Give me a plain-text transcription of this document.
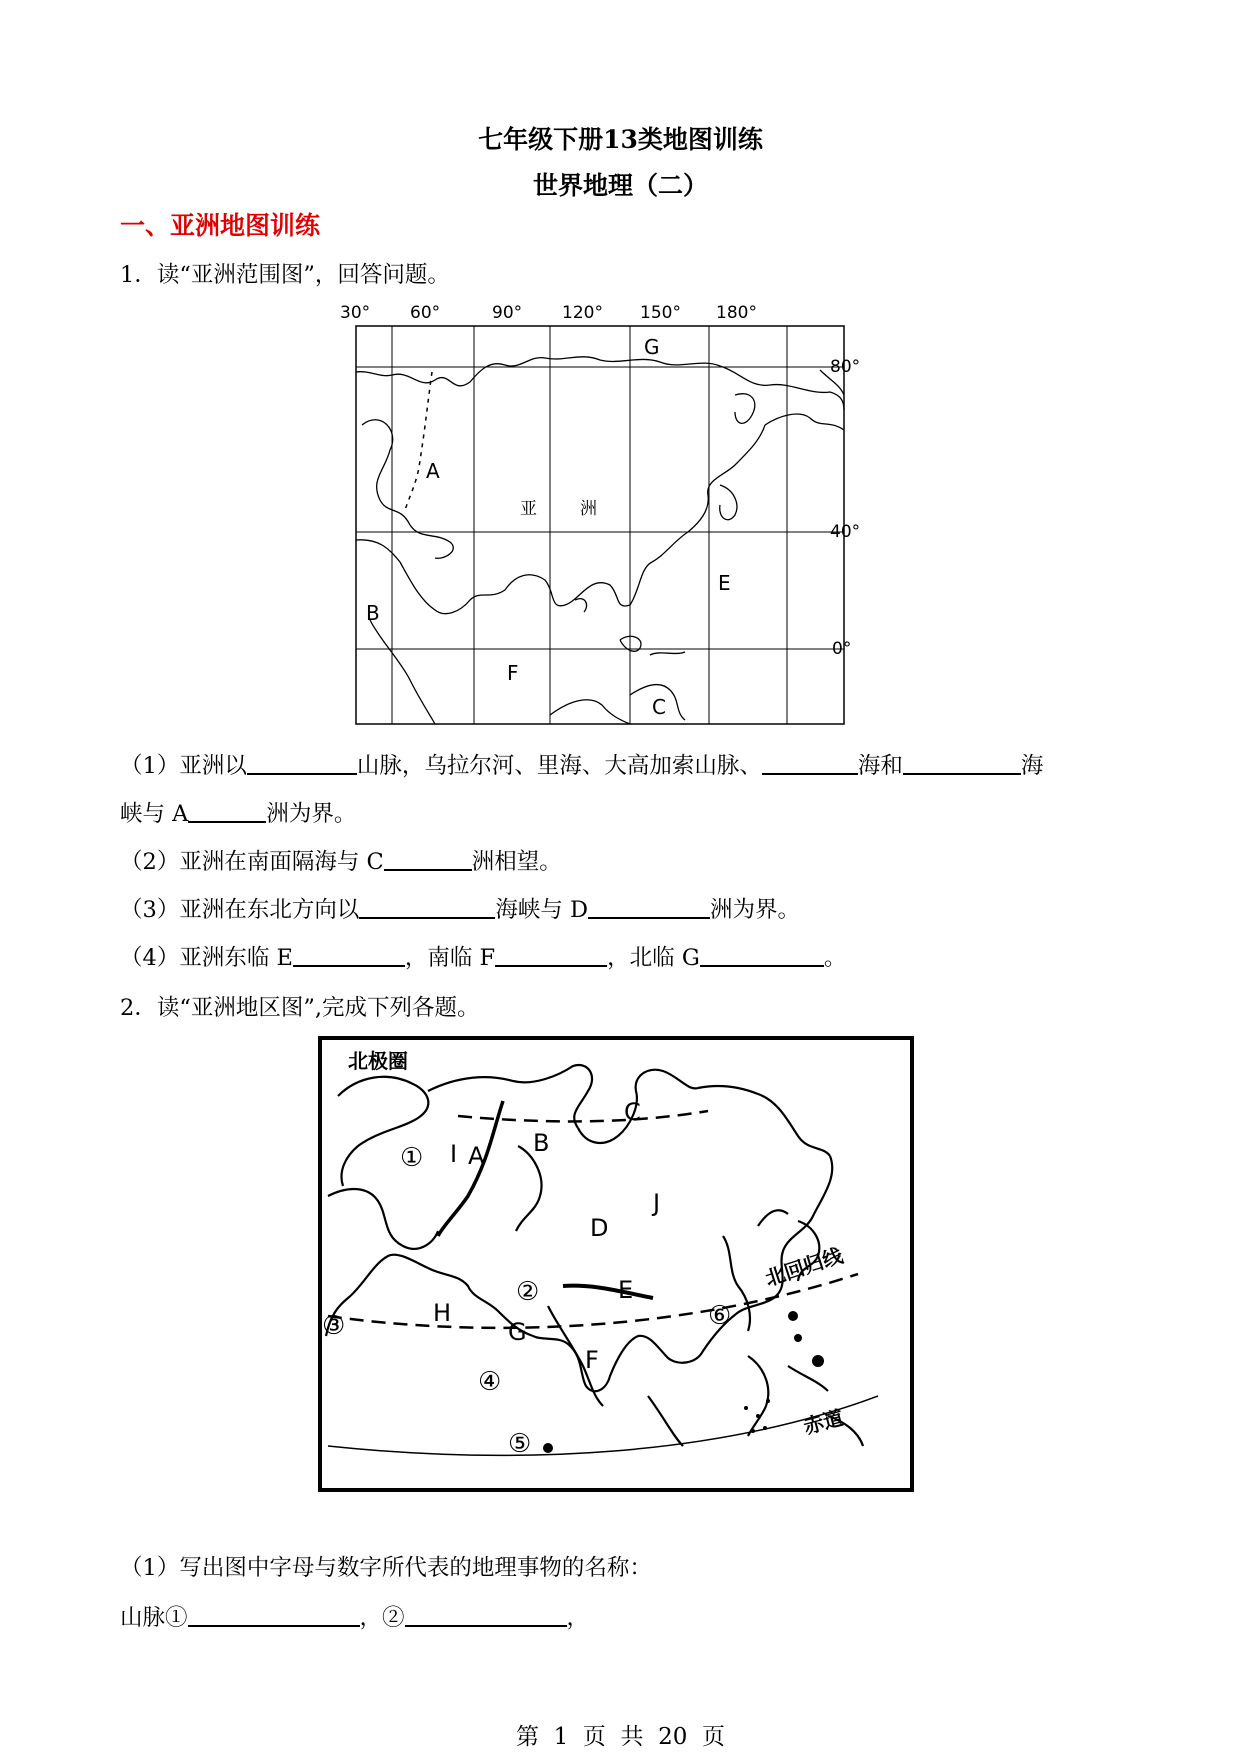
七年级下册13类地图训练
世界地理（二）
一、亚洲地图训练
1．读“亚洲范围图”，回答问题。
30° 60°	90° 120° 150° 180°
80°
40°
0°
A
B
C
E
F
G
亚	洲
（1）亚洲以	山脉，乌拉尔河、里海、大高加索山脉、	海和	海
峡与 A	洲为界。
（2）亚洲在南面隔海与 C	洲相望。
（3）亚洲在东北方向以	海峡与 D	洲为界。
（4）亚洲东临 E	，南临 F	，北临 G	。
2．读“亚洲地区图”,完成下列各题。
北极圈
北回归线
赤道
A B
C
D
E
F
G
H
I
J
①
②
③
④
⑤
⑥
（1）写出图中字母与数字所代表的地理事物的名称：
山脉①	，②	，
第  1  页  共  20  页
